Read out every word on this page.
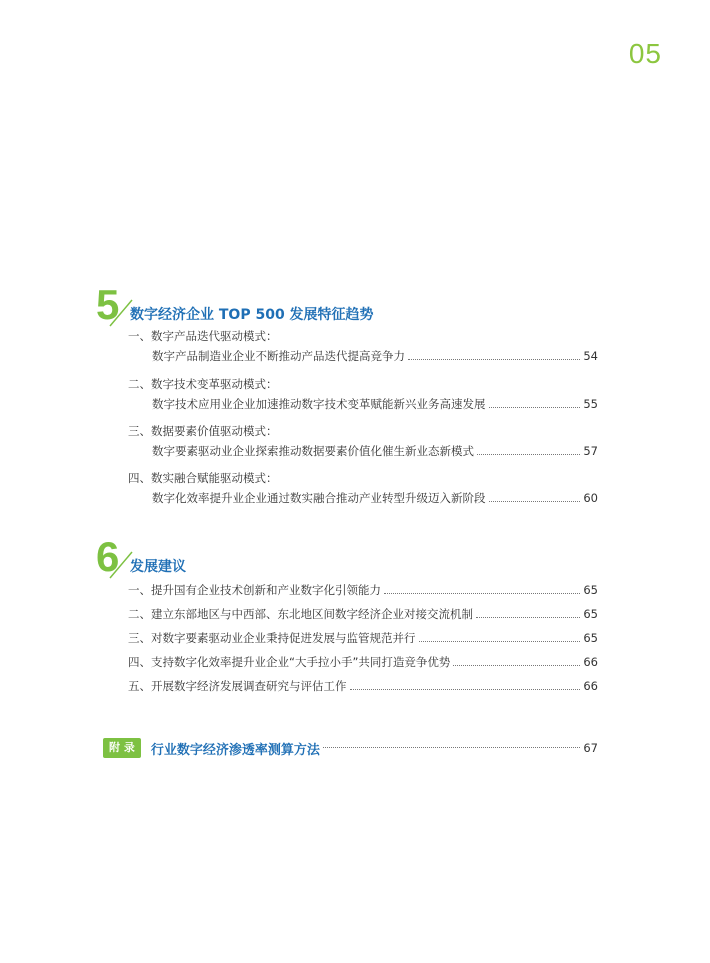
05
5 数字经济企业 TOP 500 发展特征趋势
一、数字产品迭代驱动模式：
数字产品制造业企业不断推动产品迭代提高竞争力	54
二、数字技术变革驱动模式：
数字技术应用业企业加速推动数字技术变革赋能新兴业务高速发展	55
三、数据要素价值驱动模式：
数字要素驱动业企业探索推动数据要素价值化催生新业态新模式	57
四、数实融合赋能驱动模式：
数字化效率提升业企业通过数实融合推动产业转型升级迈入新阶段	60
6 发展建议
一、提升国有企业技术创新和产业数字化引领能力	65
二、建立东部地区与中西部、东北地区间数字经济企业对接交流机制	65
三、对数字要素驱动业企业秉持促进发展与监管规范并行	65
四、支持数字化效率提升业企业“大手拉小手”共同打造竞争优势	66
五、开展数字经济发展调查研究与评估工作	66
附 录	行业数字经济渗透率测算方法	67
